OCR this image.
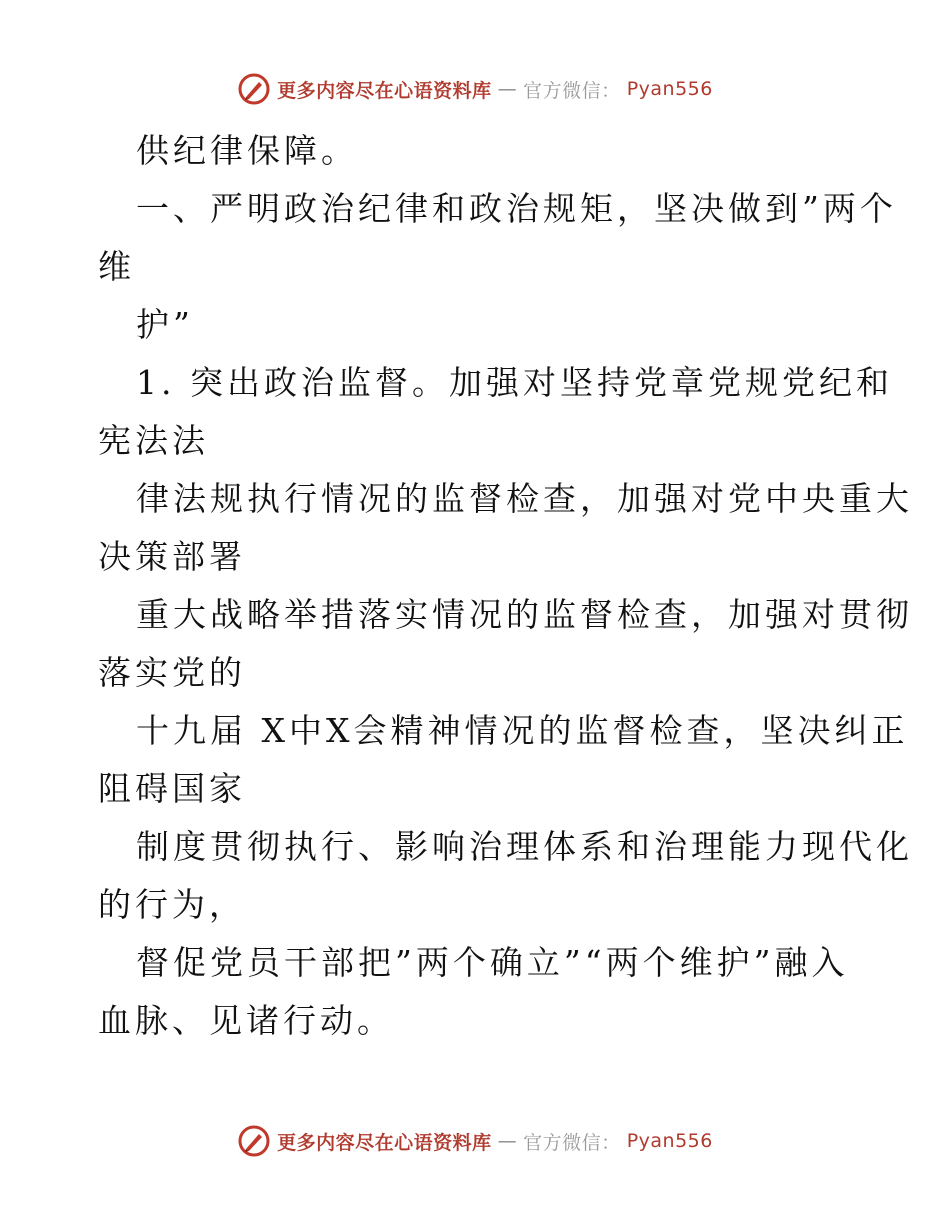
更多内容尽在心语资料库 — 官方微信： Pyan556
供纪律保障。
一、严明政治纪律和政治规矩，坚决做到”两个
维
护”
1. 突出政治监督。加强对坚持党章党规党纪和
宪法法
律法规执行情况的监督检查，加强对党中央重大
决策部署
重大战略举措落实情况的监督检查，加强对贯彻
落实党的
十九届 X中X会精神情况的监督检查，坚决纠正
阻碍国家
制度贯彻执行、影响治理体系和治理能力现代化
的行为，
督促党员干部把”两个确立”“两个维护”融入
血脉、见诸行动。
更多内容尽在心语资料库 — 官方微信： Pyan556
